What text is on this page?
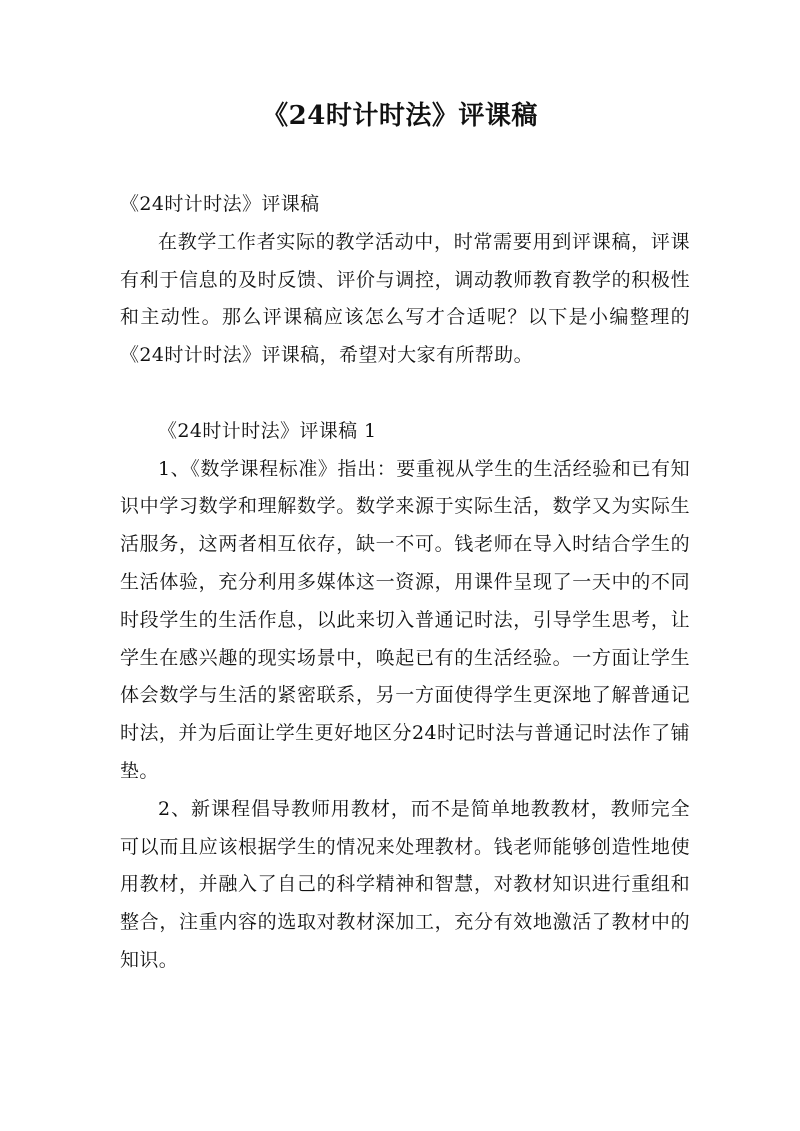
《24时计时法》评课稿

《24时计时法》评课稿

在教学工作者实际的教学活动中，时常需要用到评课稿，评课有利于信息的及时反馈、评价与调控，调动教师教育教学的积极性和主动性。那么评课稿应该怎么写才合适呢？以下是小编整理的《24时计时法》评课稿，希望对大家有所帮助。

《24时计时法》评课稿 1

1、《数学课程标准》指出：要重视从学生的生活经验和已有知识中学习数学和理解数学。数学来源于实际生活，数学又为实际生活服务，这两者相互依存，缺一不可。钱老师在导入时结合学生的生活体验，充分利用多媒体这一资源，用课件呈现了一天中的不同时段学生的生活作息，以此来切入普通记时法，引导学生思考，让学生在感兴趣的现实场景中，唤起已有的生活经验。一方面让学生体会数学与生活的紧密联系，另一方面使得学生更深地了解普通记时法，并为后面让学生更好地区分24时记时法与普通记时法作了铺垫。

2、新课程倡导教师用教材，而不是简单地教教材，教师完全可以而且应该根据学生的情况来处理教材。钱老师能够创造性地使用教材，并融入了自己的科学精神和智慧，对教材知识进行重组和整合，注重内容的选取对教材深加工，充分有效地激活了教材中的知识。
